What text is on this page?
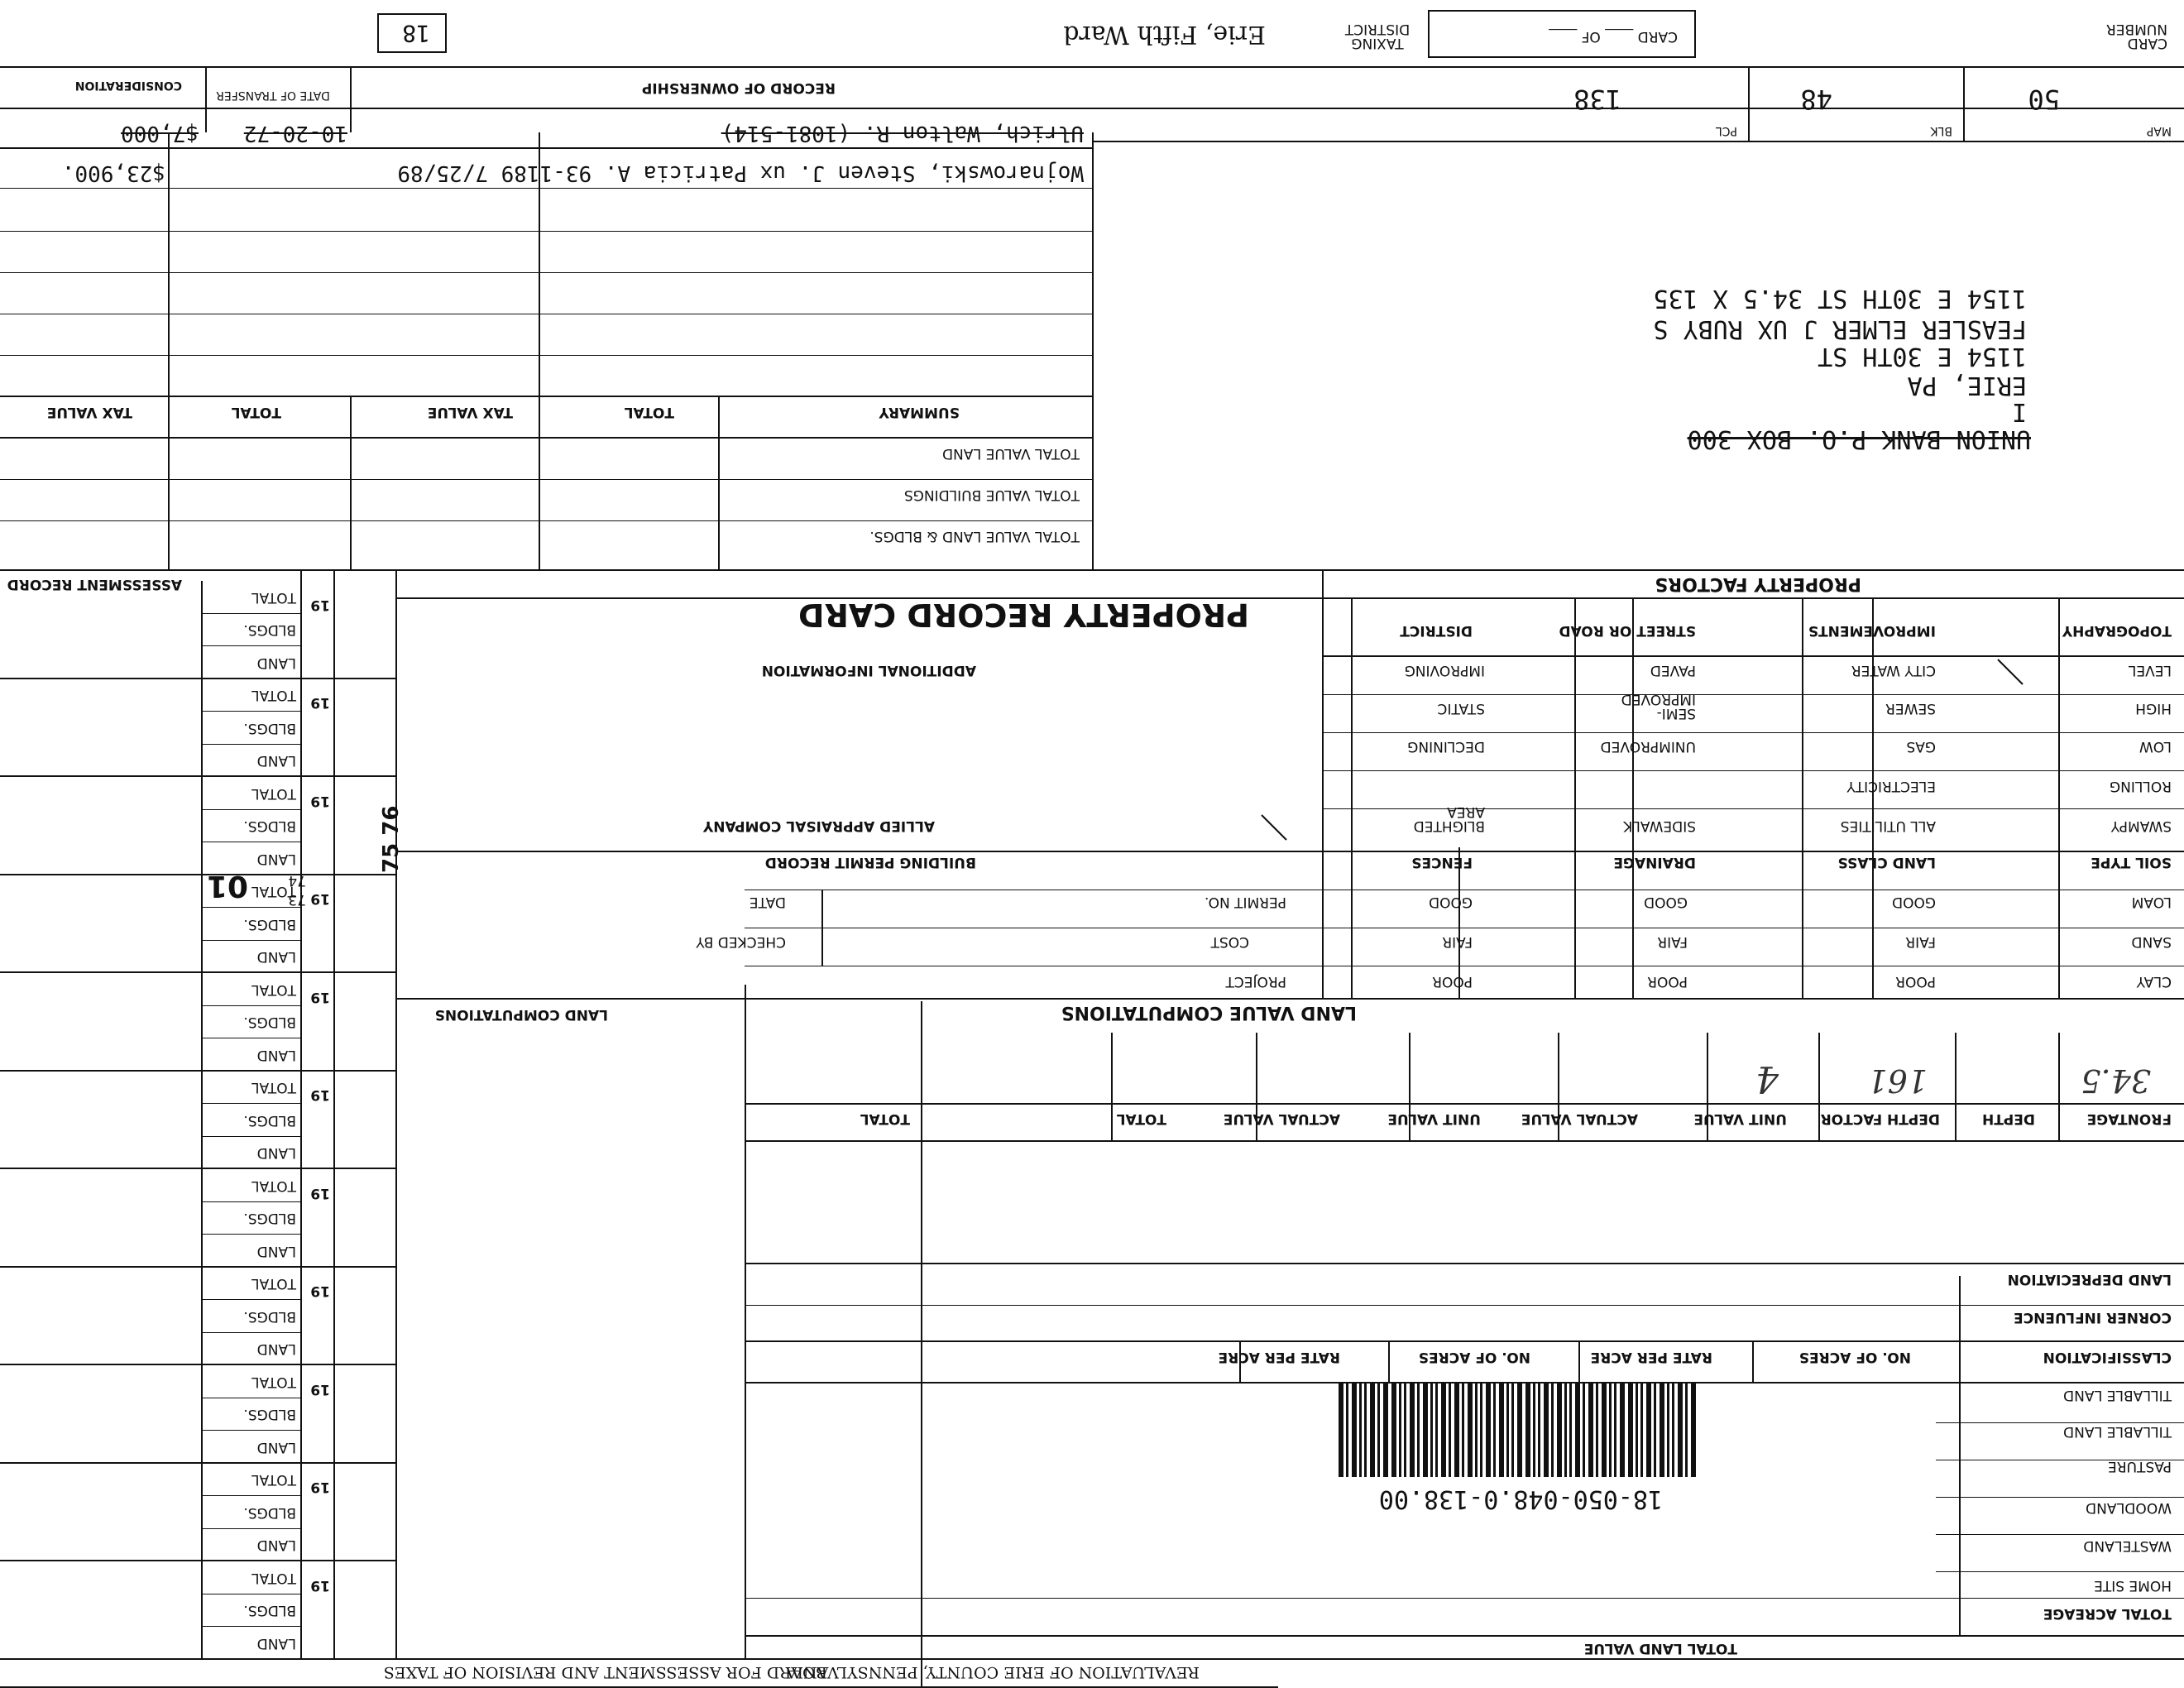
REVALUATION OF ERIE COUNTY, PENNSYLVANIA
BOARD FOR ASSESSMENT AND REVISION OF TAXES
TOTAL LAND VALUE
TOTAL ACREAGE
HOME SITE
WASTELAND
WOODLAND
PASTURE
TILLABLE LAND
TILLABLE LAND
CLASSIFICATION
NO. OF ACRES
RATE PER ACRE
NO. OF ACRES
RATE PER ACRE
CORNER INFLUENCE
LAND DEPRECIATION
18-050-048.0-138.00
FRONTAGE
DEPTH
DEPTH FACTOR
UNIT VALUE
ACTUAL VALUE
UNIT VALUE
ACTUAL VALUE
TOTAL
TOTAL
34.5
161
4
LAND VALUE COMPUTATIONS
LAND COMPUTATIONS
CLAY
POOR
POOR
POOR
PROJECT
SAND
FAIR
FAIR
FAIR
COST
CHECKED BY
LOAM
GOOD
GOOD
GOOD
PERMIT NO.
DATE
SOIL TYPE
LAND CLASS
DRAINAGE
FENCES
BUILDING PERMIT RECORD
SWAMPY
ALL UTILITIES
SIDEWALK
BLIGHTED AREA
ALLIED APPRAISAL COMPANY
ROLLING
ELECTRICITY
LOW
GAS
UNIMPROVED
DECLINING
HIGH
SEWER
SEMI-IMPROVED
STATIC
LEVEL
CITY WATER
PAVED
IMPROVING
ADDITIONAL INFORMATION
TOPOGRAPHY
IMPROVEMENTS
STREET OR ROAD
DISTRICT
PROPERTY RECORD CARD
PROPERTY FACTORS
ASSESSMENT RECORD
01	73
74
75 76
UNION BANK P.O. BOX 300
I
ERIE, PA
1154 E 30TH ST
FEASLER ELMER J UX RUBY S
1154 E 30TH ST 34.5 X 135
TOTAL VALUE LAND & BLDGS.
TOTAL VALUE BUILDINGS
TOTAL VALUE LAND
SUMMARY
TOTAL
TAX VALUE
TOTAL
TAX VALUE
Wojnarowski, Steven J. ux Patricia A. 93-1189 7/25/89
$23,900.
Ulrich, Walton R. (1081-514)
10-20-72
$7,000
RECORD OF OWNERSHIP
DATE OF TRANSFER
CONSIDERATION
MAP
50
BLK
48
PCL
138
CARD NUMBER
CARD ____ OF ____
TAXING DISTRICT
Erie, Fifth Ward
18
19
LAND
BLDGS.
TOTAL
19
LAND
BLDGS.
TOTAL
19
LAND
BLDGS.
TOTAL
19
LAND
BLDGS.
TOTAL
19
LAND
BLDGS.
TOTAL
19
LAND
BLDGS.
TOTAL
19
LAND
BLDGS.
TOTAL
19
LAND
BLDGS.
TOTAL
19
LAND
BLDGS.
TOTAL
19
LAND
BLDGS.
TOTAL
19
LAND
BLDGS.
TOTAL
